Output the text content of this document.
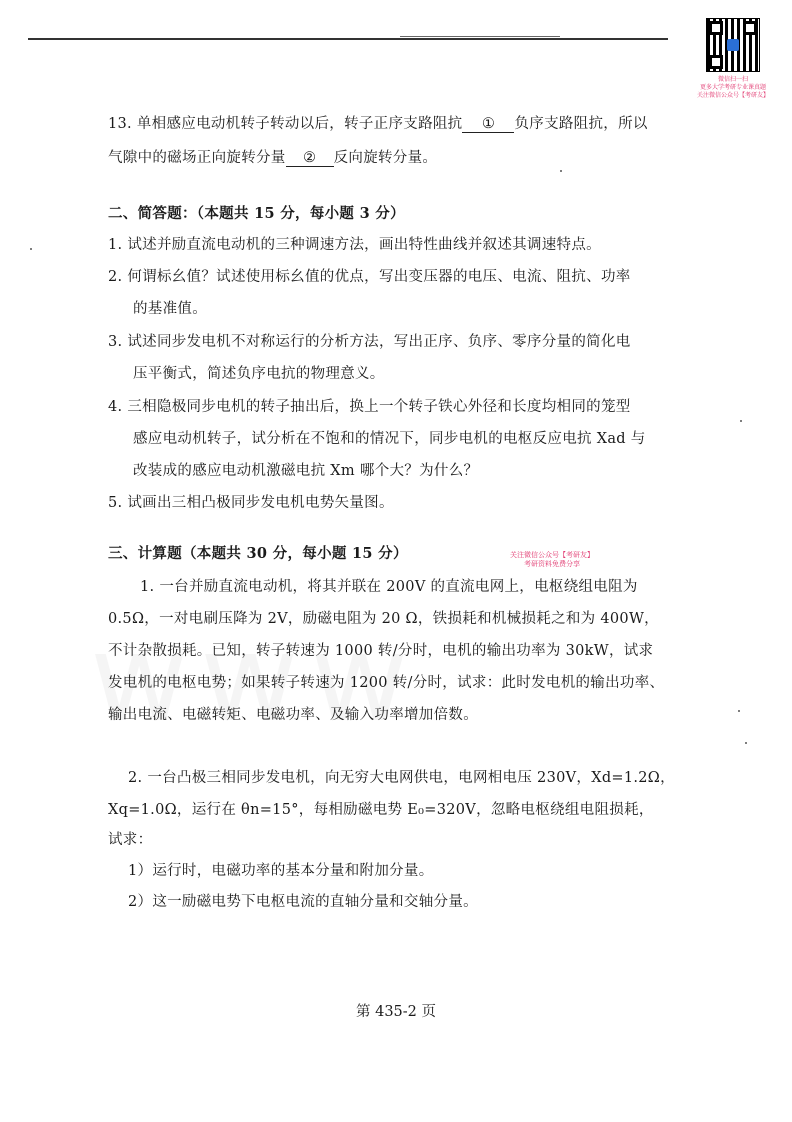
微信扫一扫
更多大学考研专业课真题
关注微信公众号【考研友】
13. 单相感应电动机转子转动以后，转子正序支路阻抗 ① 负序支路阻抗，所以
气隙中的磁场正向旋转分量 ② 反向旋转分量。
二、简答题：（本题共 15 分，每小题 3 分）
1. 试述并励直流电动机的三种调速方法，画出特性曲线并叙述其调速特点。
2. 何谓标幺值？试述使用标幺值的优点，写出变压器的电压、电流、阻抗、功率
的基准值。
3. 试述同步发电机不对称运行的分析方法，写出正序、负序、零序分量的简化电
压平衡式，简述负序电抗的物理意义。
4. 三相隐极同步电机的转子抽出后，换上一个转子铁心外径和长度均相同的笼型
感应电动机转子，试分析在不饱和的情况下，同步电机的电枢反应电抗 Xad 与
改装成的感应电动机激磁电抗 Xm 哪个大？为什么？
5. 试画出三相凸极同步发电机电势矢量图。
三、计算题（本题共 30 分，每小题 15 分）	关注微信公众号【考研友】
考研资料免费分享
1. 一台并励直流电动机，将其并联在 200V 的直流电网上，电枢绕组电阻为
0.5Ω，一对电刷压降为 2V，励磁电阻为 20 Ω，铁损耗和机械损耗之和为 400W，
不计杂散损耗。已知，转子转速为 1000 转/分时，电机的输出功率为 30kW，试求
发电机的电枢电势；如果转子转速为 1200 转/分时，试求：此时发电机的输出功率、
输出电流、电磁转矩、电磁功率、及输入功率增加倍数。
2. 一台凸极三相同步发电机，向无穷大电网供电，电网相电压 230V，Xd=1.2Ω，
Xq=1.0Ω，运行在 θn=15°，每相励磁电势 E₀=320V，忽略电枢绕组电阻损耗，
试求：
1）运行时，电磁功率的基本分量和附加分量。
2）这一励磁电势下电枢电流的直轴分量和交轴分量。
第 435-2 页
